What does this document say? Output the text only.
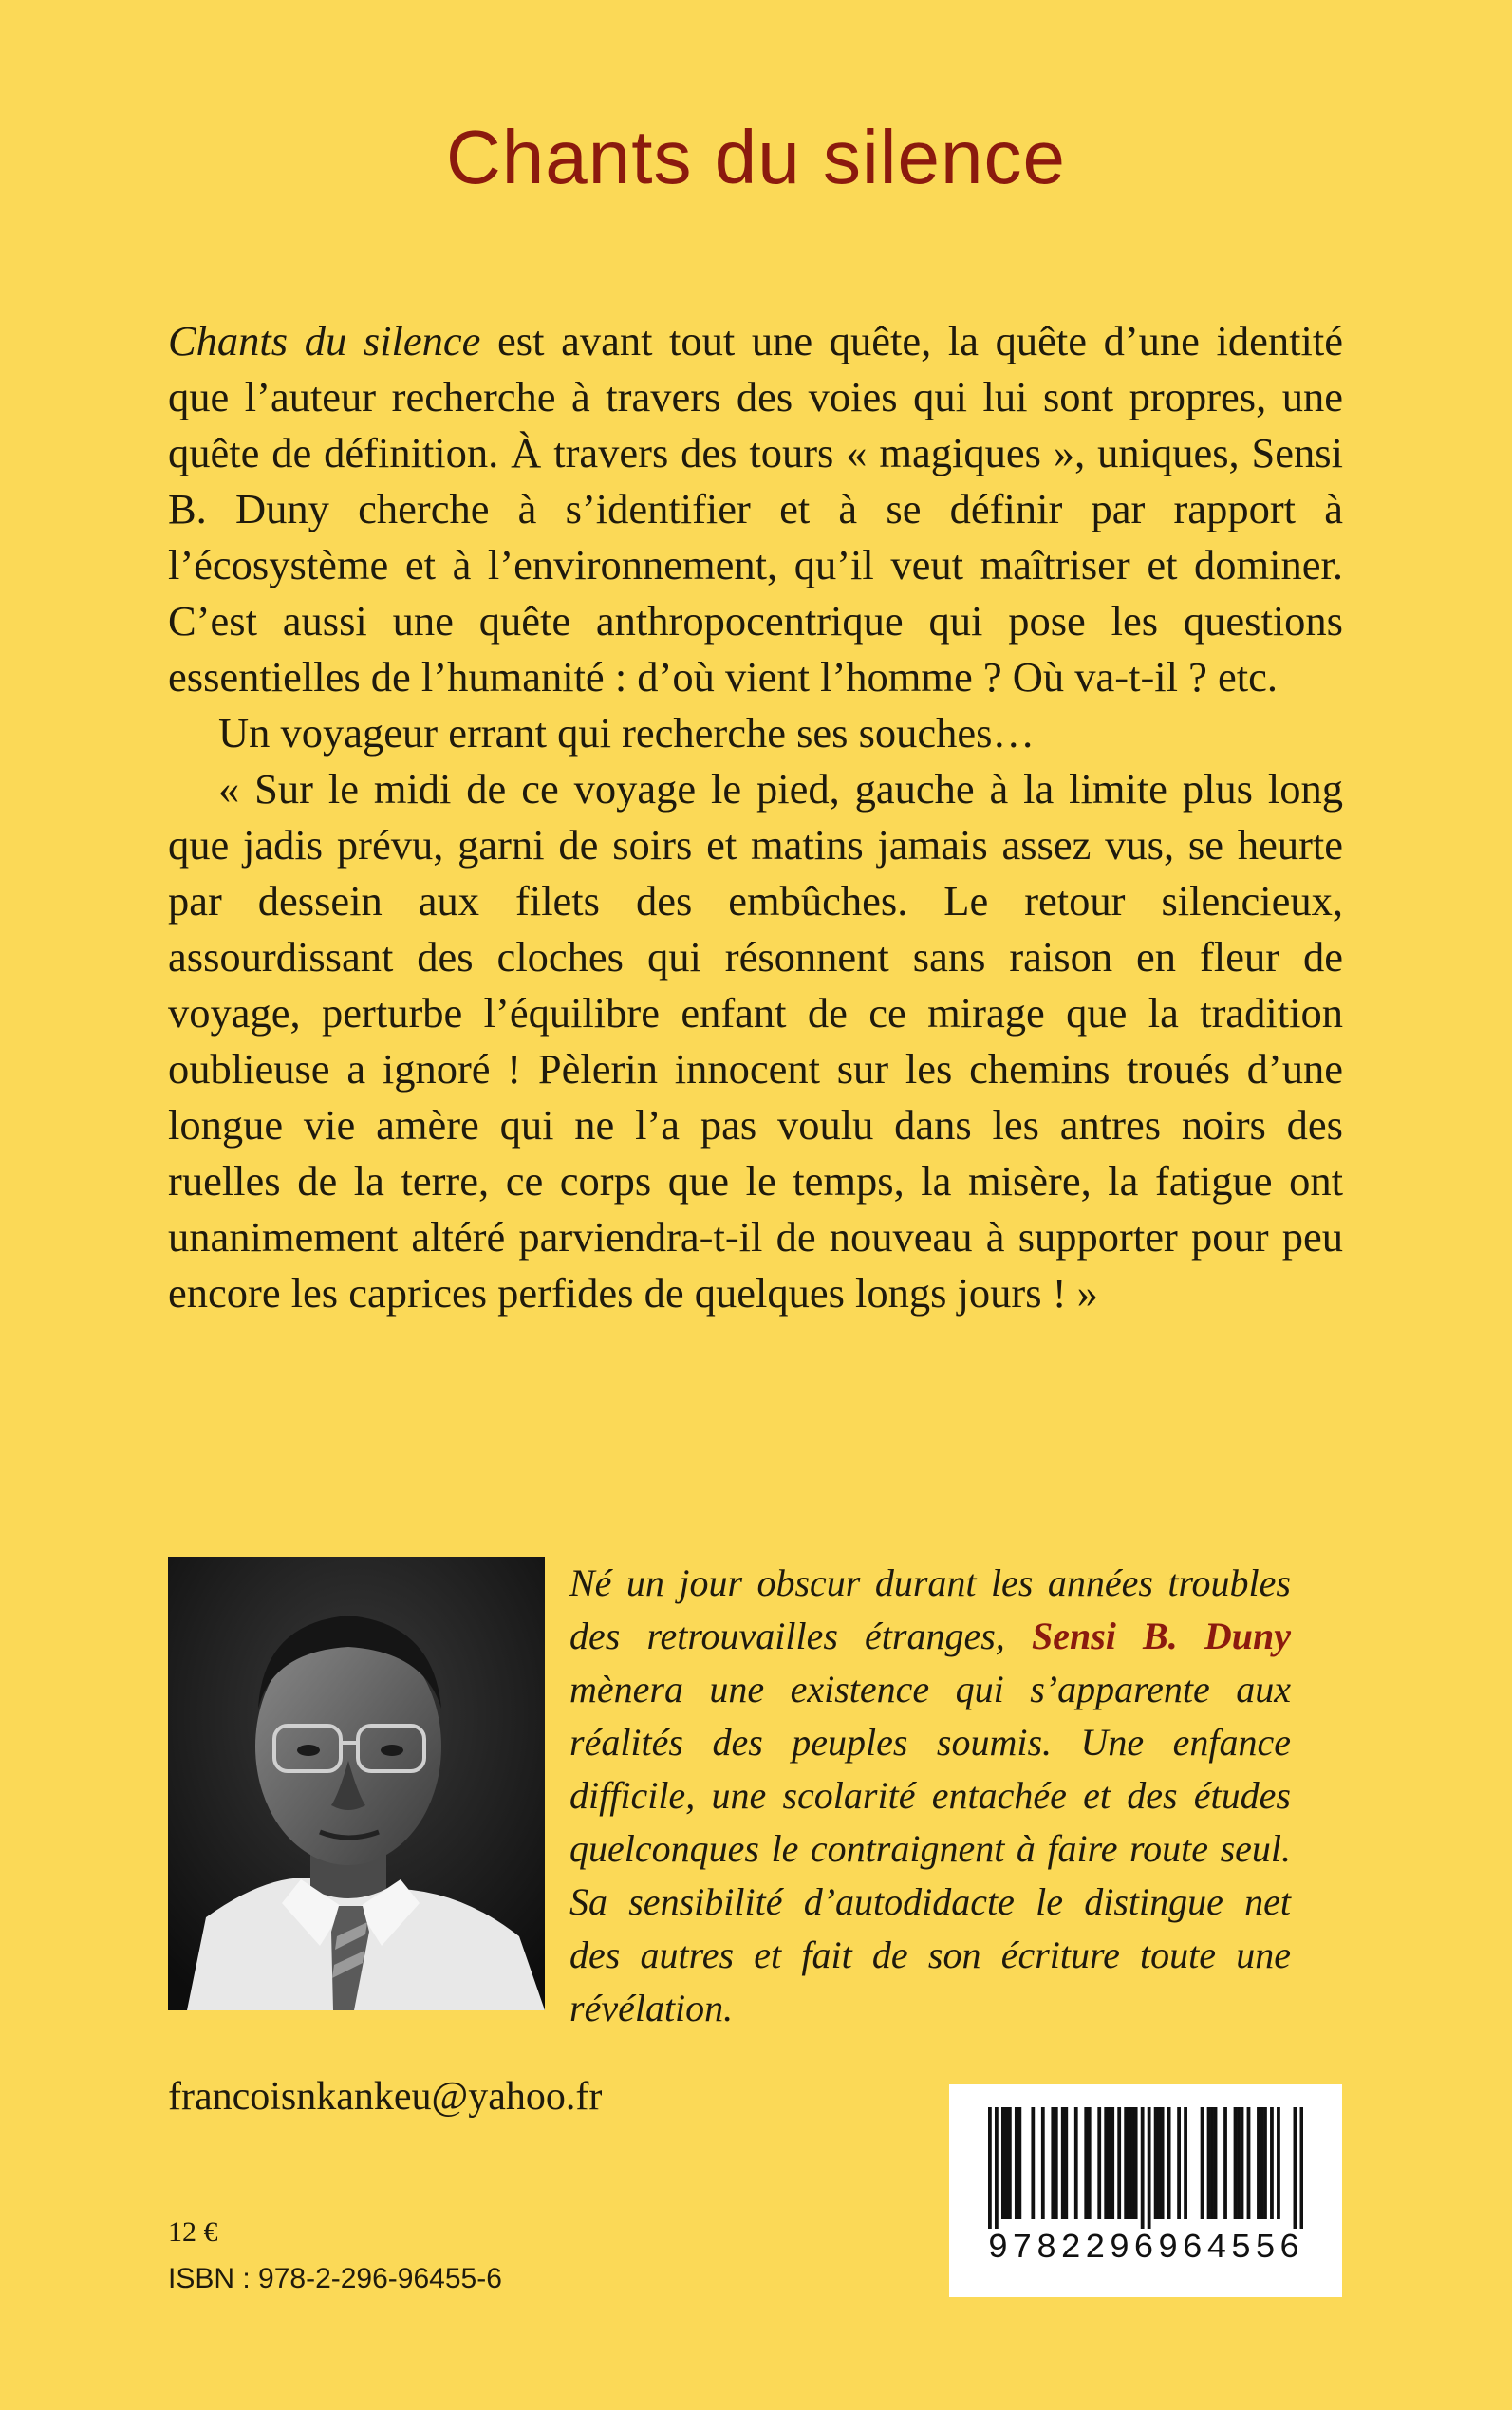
Chants du silence

Chants du silence est avant tout une quête, la quête d’une identité que l’auteur recherche à travers des voies qui lui sont propres, une quête de définition. À travers des tours « magiques », uniques, Sensi B. Duny cherche à s’identifier et à se définir par rapport à l’écosystème et à l’environnement, qu’il veut maîtriser et dominer. C’est aussi une quête anthropocentrique qui pose les questions essentielles de l’humanité : d’où vient l’homme ? Où va-t-il ? etc.

Un voyageur errant qui recherche ses souches…

« Sur le midi de ce voyage le pied, gauche à la limite plus long que jadis prévu, garni de soirs et matins jamais assez vus, se heurte par dessein aux filets des embûches. Le retour silencieux, assourdissant des cloches qui résonnent sans raison en fleur de voyage, perturbe l’équilibre enfant de ce mirage que la tradition oublieuse a ignoré ! Pèlerin innocent sur les chemins troués d’une longue vie amère qui ne l’a pas voulu dans les antres noirs des ruelles de la terre, ce corps que le temps, la misère, la fatigue ont unanimement altéré parviendra-t-il de nouveau à supporter pour peu encore les caprices perfides de quelques longs jours ! »

Né un jour obscur durant les années troubles des retrouvailles étranges, Sensi B. Duny mènera une existence qui s’apparente aux réalités des peuples soumis. Une enfance difficile, une scolarité entachée et des études quelconques le contraignent à faire route seul. Sa sensibilité d’autodidacte le distingue net des autres et fait de son écriture toute une révélation.
francoisnkankeu@yahoo.fr
12 €
ISBN : 978-2-296-96455-6
9782296964556
